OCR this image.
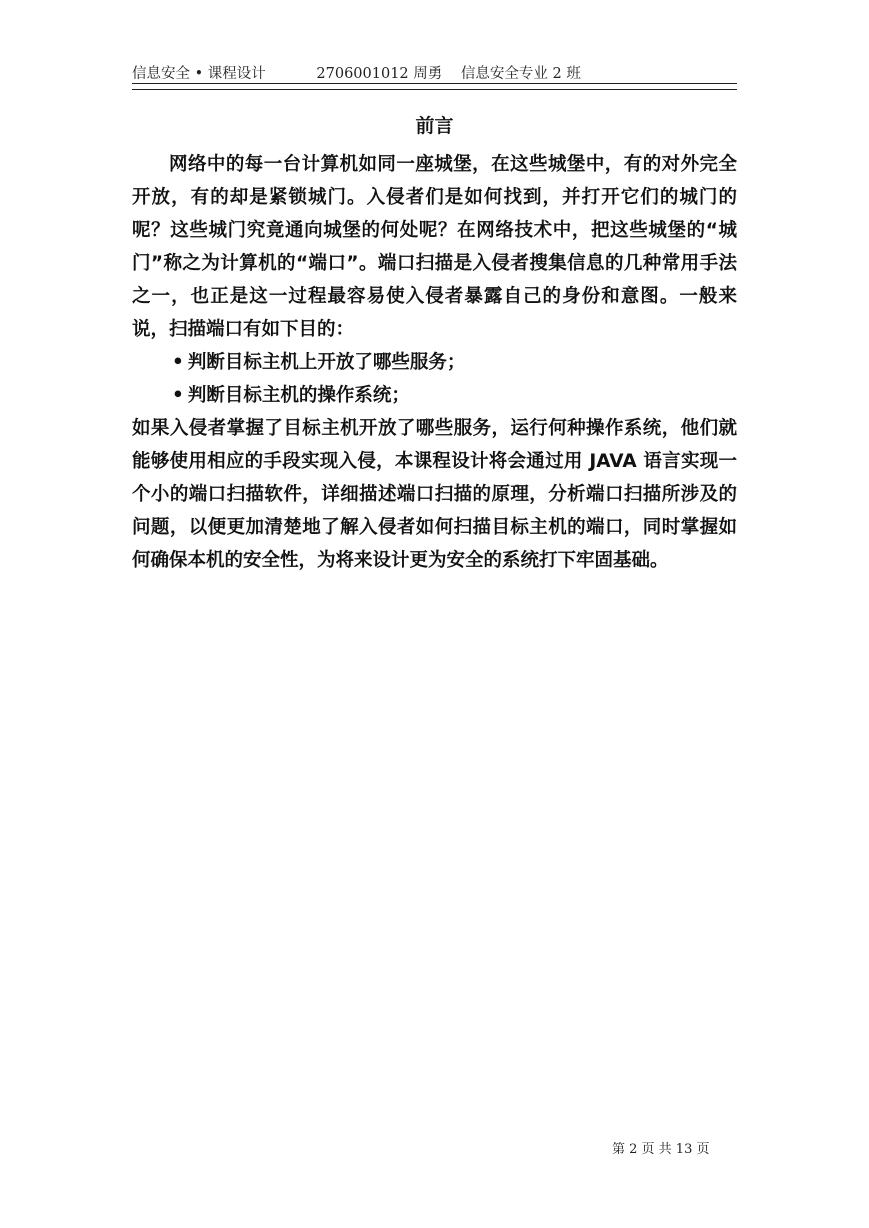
信息安全 • 课程设计	2706001012 周勇 信息安全专业 2 班
前言

网络中的每一台计算机如同一座城堡，在这些城堡中，有的对外完全开放，有的却是紧锁城门。入侵者们是如何找到，并打开它们的城门的呢？这些城门究竟通向城堡的何处呢？在网络技术中，把这些城堡的“城门”称之为计算机的“端口”。端口扫描是入侵者搜集信息的几种常用手法之一，也正是这一过程最容易使入侵者暴露自己的身份和意图。一般来说，扫描端口有如下目的：

• 判断目标主机上开放了哪些服务；
• 判断目标主机的操作系统；

如果入侵者掌握了目标主机开放了哪些服务，运行何种操作系统，他们就能够使用相应的手段实现入侵，本课程设计将会通过用 JAVA 语言实现一个小的端口扫描软件，详细描述端口扫描的原理，分析端口扫描所涉及的问题，以便更加清楚地了解入侵者如何扫描目标主机的端口，同时掌握如何确保本机的安全性，为将来设计更为安全的系统打下牢固基础。

第 2 页 共 13 页
